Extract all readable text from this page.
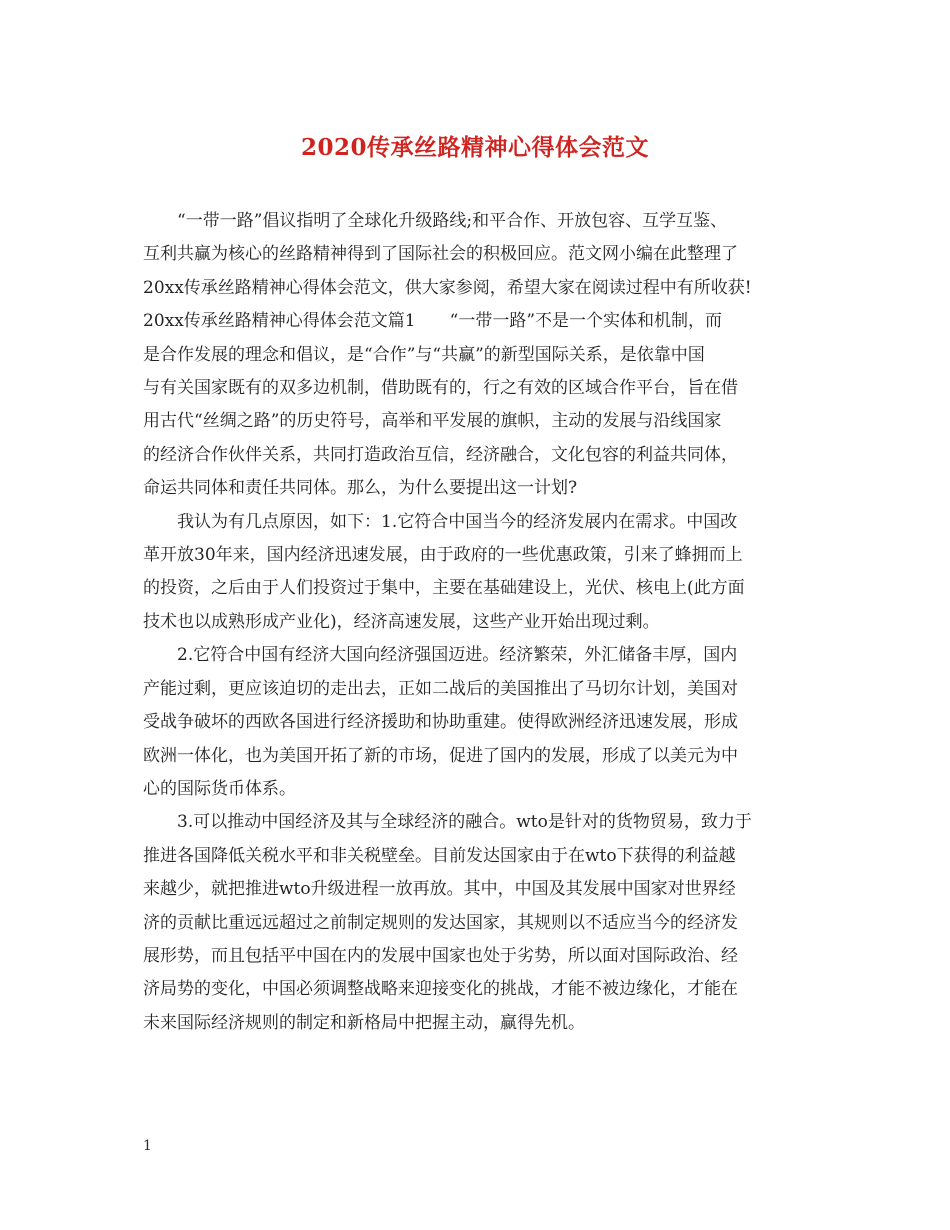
2020传承丝路精神心得体会范文

“一带一路”倡议指明了全球化升级路线;和平合作、开放包容、互学互鉴、
互利共赢为核心的丝路精神得到了国际社会的积极回应。范文网小编在此整理了
20xx传承丝路精神心得体会范文，供大家参阅，希望大家在阅读过程中有所收获!
20xx传承丝路精神心得体会范文篇1　　“一带一路”不是一个实体和机制，而
是合作发展的理念和倡议，是“合作”与“共赢”的新型国际关系，是依靠中国
与有关国家既有的双多边机制，借助既有的，行之有效的区域合作平台，旨在借
用古代“丝绸之路”的历史符号，高举和平发展的旗帜，主动的发展与沿线国家
的经济合作伙伴关系，共同打造政治互信，经济融合，文化包容的利益共同体，
命运共同体和责任共同体。那么，为什么要提出这一计划?

我认为有几点原因，如下：1.它符合中国当今的经济发展内在需求。中国改
革开放30年来，国内经济迅速发展，由于政府的一些优惠政策，引来了蜂拥而上
的投资，之后由于人们投资过于集中，主要在基础建设上，光伏、核电上(此方面
技术也以成熟形成产业化)，经济高速发展，这些产业开始出现过剩。

2.它符合中国有经济大国向经济强国迈进。经济繁荣，外汇储备丰厚，国内
产能过剩，更应该迫切的走出去，正如二战后的美国推出了马切尔计划，美国对
受战争破坏的西欧各国进行经济援助和协助重建。使得欧洲经济迅速发展，形成
欧洲一体化，也为美国开拓了新的市场，促进了国内的发展，形成了以美元为中
心的国际货币体系。

3.可以推动中国经济及其与全球经济的融合。wto是针对的货物贸易，致力于
推进各国降低关税水平和非关税壁垒。目前发达国家由于在wto下获得的利益越
来越少，就把推进wto升级进程一放再放。其中，中国及其发展中国家对世界经
济的贡献比重远远超过之前制定规则的发达国家，其规则以不适应当今的经济发
展形势，而且包括平中国在内的发展中国家也处于劣势，所以面对国际政治、经
济局势的变化，中国必须调整战略来迎接变化的挑战，才能不被边缘化，才能在
未来国际经济规则的制定和新格局中把握主动，赢得先机。

1
